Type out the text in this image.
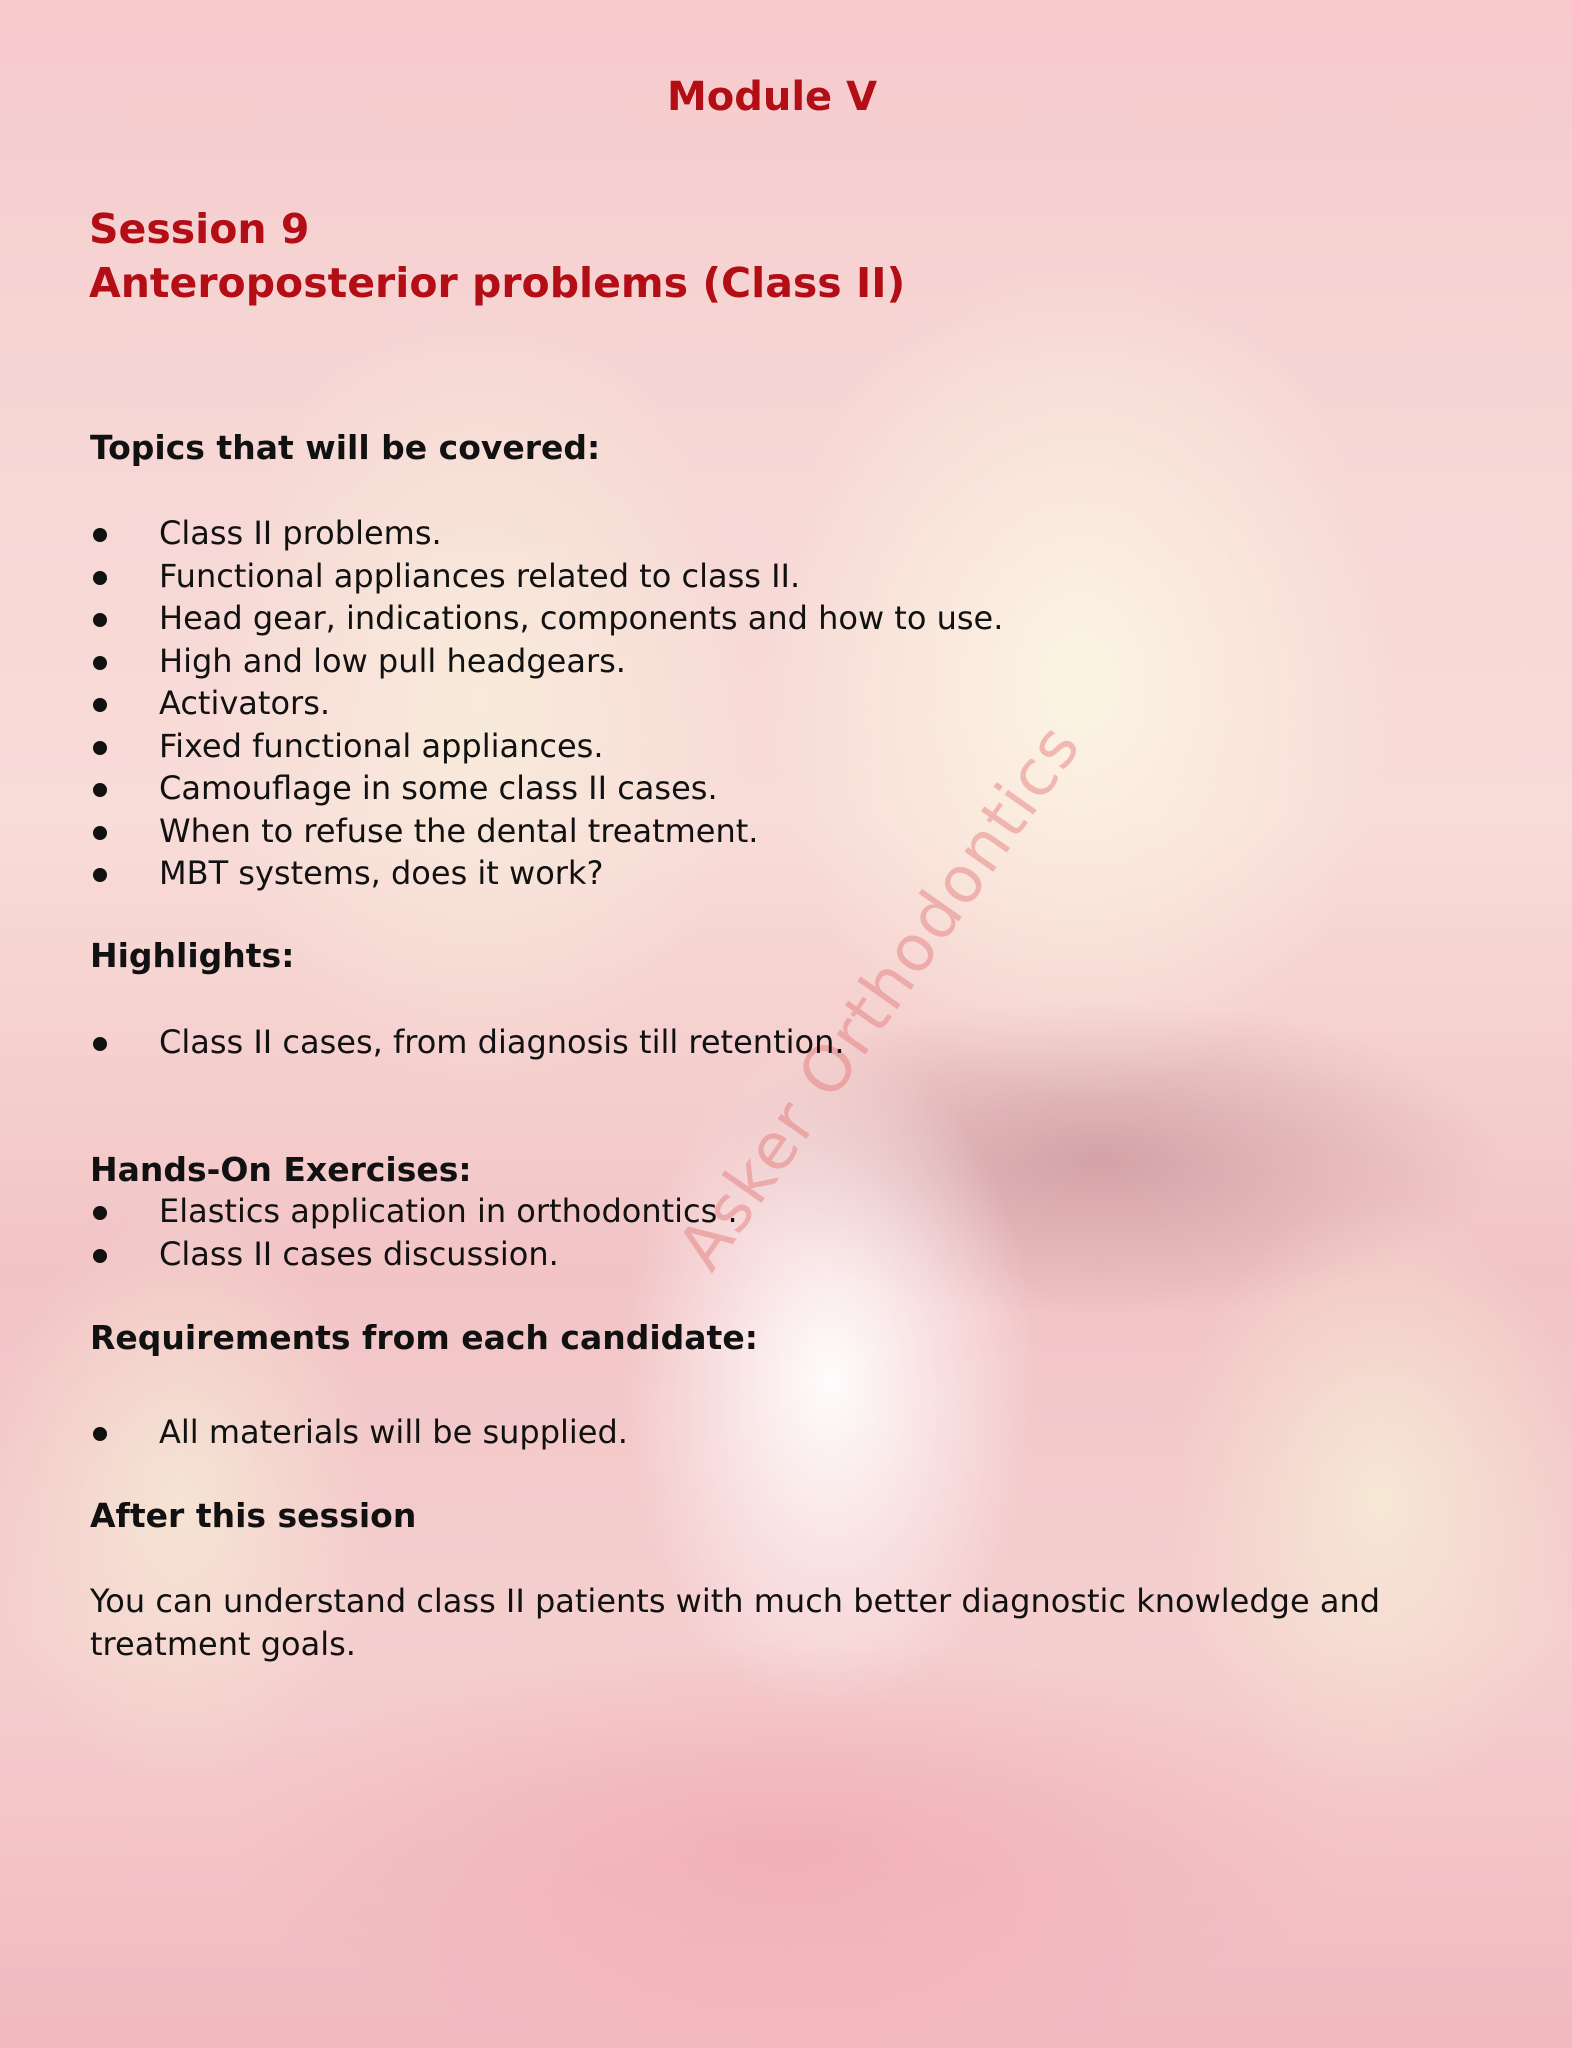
Asker Orthodontics
Module V
Session 9
Anteroposterior problems (Class II)
Topics that will be covered:
Class II problems.
Functional appliances related to class II.
Head gear, indications, components and how to use.
High and low pull headgears.
Activators.
Fixed functional appliances.
Camouflage in some class II cases.
When to refuse the dental treatment.
MBT systems, does it work?
Highlights:
Class II cases, from diagnosis till retention.
Hands-On Exercises:
Elastics application in orthodontics .
Class II cases discussion.
Requirements from each candidate:
All materials will be supplied.
After this session
You can understand class II patients with much better diagnostic knowledge and treatment goals.
